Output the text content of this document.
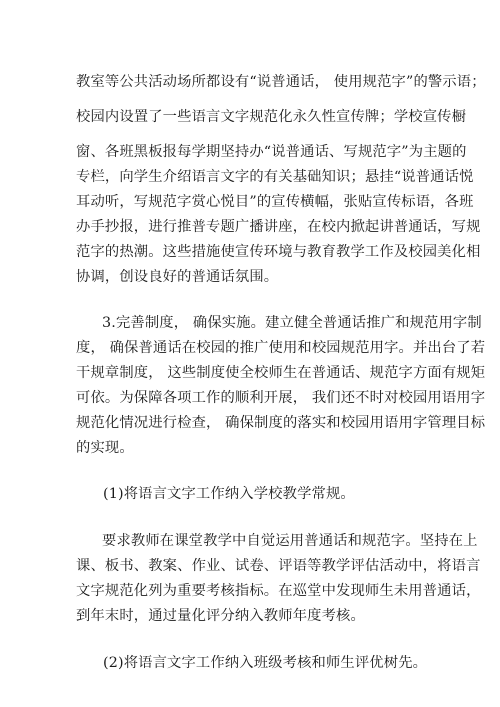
教室等公共活动场所都设有“说普通话， 使用规范字”的警示语；
校园内设置了一些语言文字规范化永久性宣传牌；学校宣传橱
窗、各班黑板报每学期坚持办“说普通话、写规范字”为主题的
专栏，向学生介绍语言文字的有关基础知识；悬挂“说普通话悦
耳动听，写规范字赏心悦目”的宣传横幅，张贴宣传标语，各班
办手抄报，进行推普专题广播讲座，在校内掀起讲普通话，写规
范字的热潮。这些措施使宣传环境与教育教学工作及校园美化相
协调，创设良好的普通话氛围。
3.完善制度， 确保实施。建立健全普通话推广和规范用字制
度， 确保普通话在校园的推广使用和校园规范用字。并出台了若
干规章制度， 这些制度使全校师生在普通话、规范字方面有规矩
可依。为保障各项工作的顺利开展， 我们还不时对校园用语用字
规范化情况进行检查， 确保制度的落实和校园用语用字管理目标
的实现。
(1)将语言文字工作纳入学校教学常规。
要求教师在课堂教学中自觉运用普通话和规范字。坚持在上
课、板书、教案、作业、试卷、评语等教学评估活动中，将语言
文字规范化列为重要考核指标。在巡堂中发现师生未用普通话，
到年末时，通过量化评分纳入教师年度考核。
(2)将语言文字工作纳入班级考核和师生评优树先。
